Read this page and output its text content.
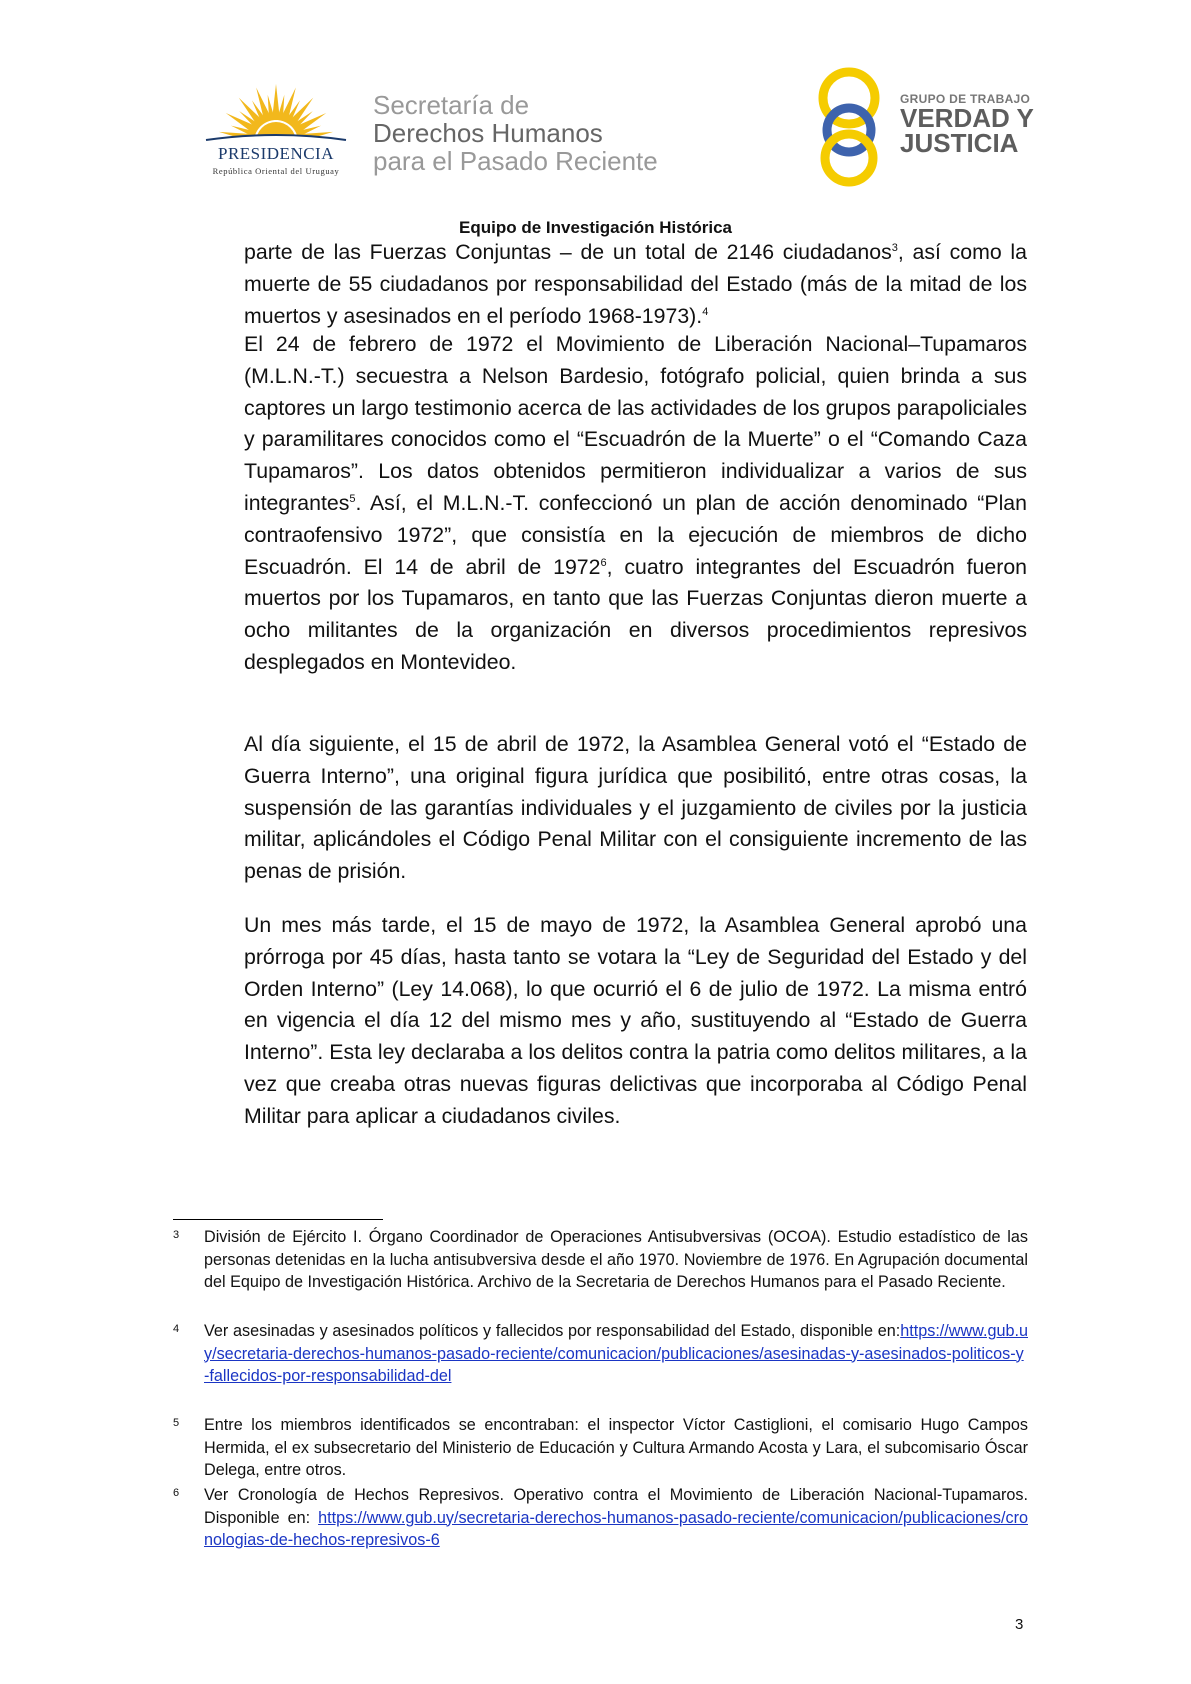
PRESIDENCIA
República Oriental del Uruguay
Secretaría de
Derechos Humanos
para el Pasado Reciente
GRUPO DE TRABAJO
VERDAD Y
JUSTICIA
Equipo de Investigación Histórica

parte de las Fuerzas Conjuntas – de un total de 2146 ciudadanos$^3$, así como la muerte de 55 ciudadanos por responsabilidad del Estado (más de la mitad de los muertos y asesinados en el período 1968-1973).$^4$

El 24 de febrero de 1972 el Movimiento de Liberación Nacional–Tupamaros (M.L.N.-T.) secuestra a Nelson Bardesio, fotógrafo policial, quien brinda a sus captores un largo testimonio acerca de las actividades de los grupos parapoliciales y paramilitares conocidos como el “Escuadrón de la Muerte” o el “Comando Caza Tupamaros”. Los datos obtenidos permitieron individualizar a varios de sus integrantes$^5$. Así, el M.L.N.-T. confeccionó un plan de acción denominado “Plan contraofensivo 1972”, que consistía en la ejecución de miembros de dicho Escuadrón. El 14 de abril de 1972$^6$, cuatro integrantes del Escuadrón fueron muertos por los Tupamaros, en tanto que las Fuerzas Conjuntas dieron muerte a ocho militantes de la organización en diversos procedimientos represivos desplegados en Montevideo.

Al día siguiente, el 15 de abril de 1972, la Asamblea General votó el “Estado de Guerra Interno”, una original figura jurídica que posibilitó, entre otras cosas, la suspensión de las garantías individuales y el juzgamiento de civiles por la justicia militar, aplicándoles el Código Penal Militar con el consiguiente incremento de las penas de prisión.

Un mes más tarde, el 15 de mayo de 1972, la Asamblea General aprobó una prórroga por 45 días, hasta tanto se votara la “Ley de Seguridad del Estado y del Orden Interno” (Ley 14.068), lo que ocurrió el 6 de julio de 1972. La misma entró en vigencia el día 12 del mismo mes y año, sustituyendo al “Estado de Guerra Interno”. Esta ley declaraba a los delitos contra la patria como delitos militares, a la vez que creaba otras nuevas figuras delictivas que incorporaba al Código Penal Militar para aplicar a ciudadanos civiles.

3 División de Ejército I. Órgano Coordinador de Operaciones Antisubversivas (OCOA). Estudio estadístico de las personas detenidas en la lucha antisubversiva desde el año 1970. Noviembre de 1976. En Agrupación documental del Equipo de Investigación Histórica. Archivo de la Secretaria de Derechos Humanos para el Pasado Reciente.
4 Ver asesinadas y asesinados políticos y fallecidos por responsabilidad del Estado, disponible en:https://www.gub.uy/secretaria-derechos-humanos-pasado-reciente/comunicacion/publicaciones/asesinadas-y-asesinados-politicos-y-fallecidos-por-responsabilidad-del
5 Entre los miembros identificados se encontraban: el inspector Víctor Castiglioni, el comisario Hugo Campos Hermida, el ex subsecretario del Ministerio de Educación y Cultura Armando Acosta y Lara, el subcomisario Óscar Delega, entre otros.
6 Ver Cronología de Hechos Represivos. Operativo contra el Movimiento de Liberación Nacional-Tupamaros. Disponible en: https://www.gub.uy/secretaria-derechos-humanos-pasado-reciente/comunicacion/publicaciones/cronologias-de-hechos-represivos-6
3
